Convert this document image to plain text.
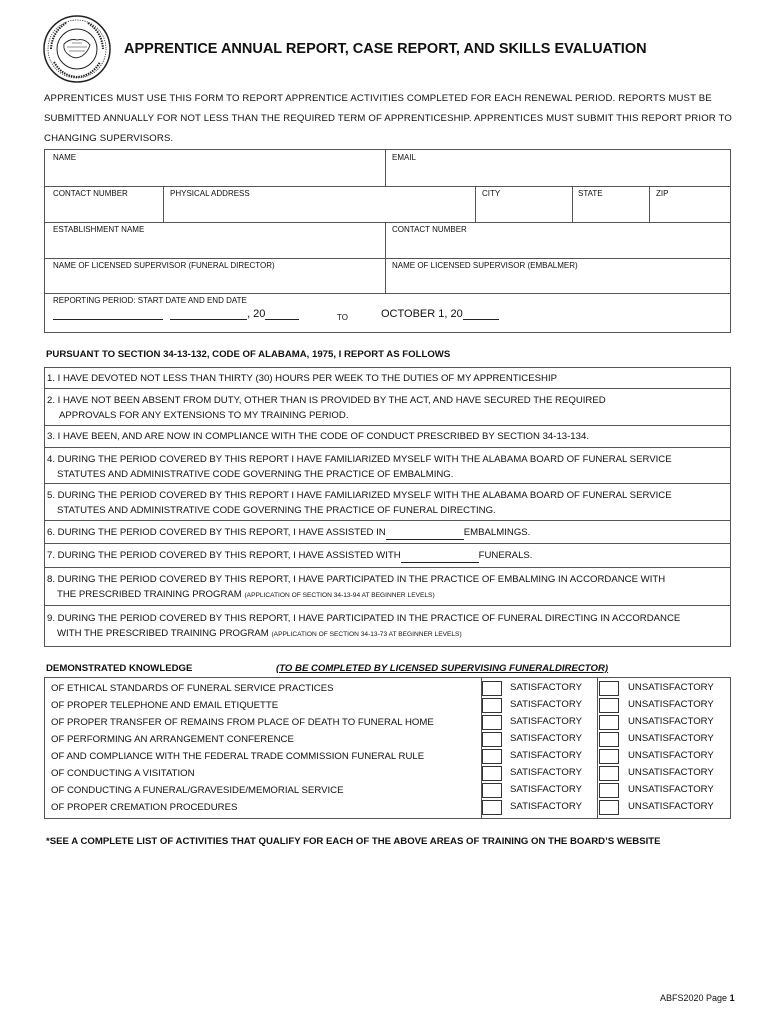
APPRENTICE ANNUAL REPORT, CASE REPORT, AND SKILLS EVALUATION
APPRENTICES MUST USE THIS FORM TO REPORT APPRENTICE ACTIVITIES COMPLETED FOR EACH RENEWAL PERIOD. REPORTS MUST BE SUBMITTED ANNUALLY FOR NOT LESS THAN THE REQUIRED TERM OF APPRENTICESHIP. APPRENTICES MUST SUBMIT THIS REPORT PRIOR TO CHANGING SUPERVISORS.
NAME	EMAIL
CONTACT NUMBER	PHYSICAL ADDRESS	CITY	STATE	ZIP
ESTABLISHMENT NAME	CONTACT NUMBER
NAME OF LICENSED SUPERVISOR (FUNERAL DIRECTOR)	NAME OF LICENSED SUPERVISOR (EMBALMER)
REPORTING PERIOD: START DATE AND END DATE
, 20	TO	OCTOBER 1, 20
PURSUANT TO SECTION 34-13-132, CODE OF ALABAMA, 1975, I REPORT AS FOLLOWS
1. I HAVE DEVOTED NOT LESS THAN THIRTY (30) HOURS PER WEEK TO THE DUTIES OF MY APPRENTICESHIP
2. I HAVE NOT BEEN ABSENT FROM DUTY, OTHER THAN IS PROVIDED BY THE ACT, AND HAVE SECURED THE REQUIRED
APPROVALS FOR ANY EXTENSIONS TO MY TRAINING PERIOD.
3. I HAVE BEEN, AND ARE NOW IN COMPLIANCE WITH THE CODE OF CONDUCT PRESCRIBED BY SECTION 34-13-134.
4. DURING THE PERIOD COVERED BY THIS REPORT I HAVE FAMILIARIZED MYSELF WITH THE ALABAMA BOARD OF FUNERAL SERVICE
STATUTES AND ADMINISTRATIVE CODE GOVERNING THE PRACTICE OF EMBALMING.
5. DURING THE PERIOD COVERED BY THIS REPORT I HAVE FAMILIARIZED MYSELF WITH THE ALABAMA BOARD OF FUNERAL SERVICE
STATUTES AND ADMINISTRATIVE CODE GOVERNING THE PRACTICE OF FUNERAL DIRECTING.
6. DURING THE PERIOD COVERED BY THIS REPORT, I HAVE ASSISTED IN	EMBALMINGS.
7. DURING THE PERIOD COVERED BY THIS REPORT, I HAVE ASSISTED WITH	FUNERALS.
8. DURING THE PERIOD COVERED BY THIS REPORT, I HAVE PARTICIPATED IN THE PRACTICE OF EMBALMING IN ACCORDANCE WITH
THE PRESCRIBED TRAINING PROGRAM (APPLICATION OF SECTION 34-13-94 AT BEGINNER LEVELS)
9. DURING THE PERIOD COVERED BY THIS REPORT, I HAVE PARTICIPATED IN THE PRACTICE OF FUNERAL DIRECTING IN ACCORDANCE
WITH THE PRESCRIBED TRAINING PROGRAM (APPLICATION OF SECTION 34-13-73 AT BEGINNER LEVELS)
DEMONSTRATED KNOWLEDGE	(TO BE COMPLETED BY LICENSED SUPERVISING FUNERALDIRECTOR)
OF ETHICAL STANDARDS OF FUNERAL SERVICE PRACTICES	SATISFACTORY	UNSATISFACTORY
OF PROPER TELEPHONE AND EMAIL ETIQUETTE	SATISFACTORY	UNSATISFACTORY
OF PROPER TRANSFER OF REMAINS FROM PLACE OF DEATH TO FUNERAL HOME	SATISFACTORY	UNSATISFACTORY
OF PERFORMING AN ARRANGEMENT CONFERENCE	SATISFACTORY	UNSATISFACTORY
OF AND COMPLIANCE WITH THE FEDERAL TRADE COMMISSION FUNERAL RULE	SATISFACTORY	UNSATISFACTORY
OF CONDUCTING A VISITATION	SATISFACTORY	UNSATISFACTORY
OF CONDUCTING A FUNERAL/GRAVESIDE/MEMORIAL SERVICE	SATISFACTORY	UNSATISFACTORY
OF PROPER CREMATION PROCEDURES	SATISFACTORY	UNSATISFACTORY
*SEE A COMPLETE LIST OF ACTIVITIES THAT QUALIFY FOR EACH OF THE ABOVE AREAS OF TRAINING ON THE BOARD’S WEBSITE
ABFS2020 Page 1
